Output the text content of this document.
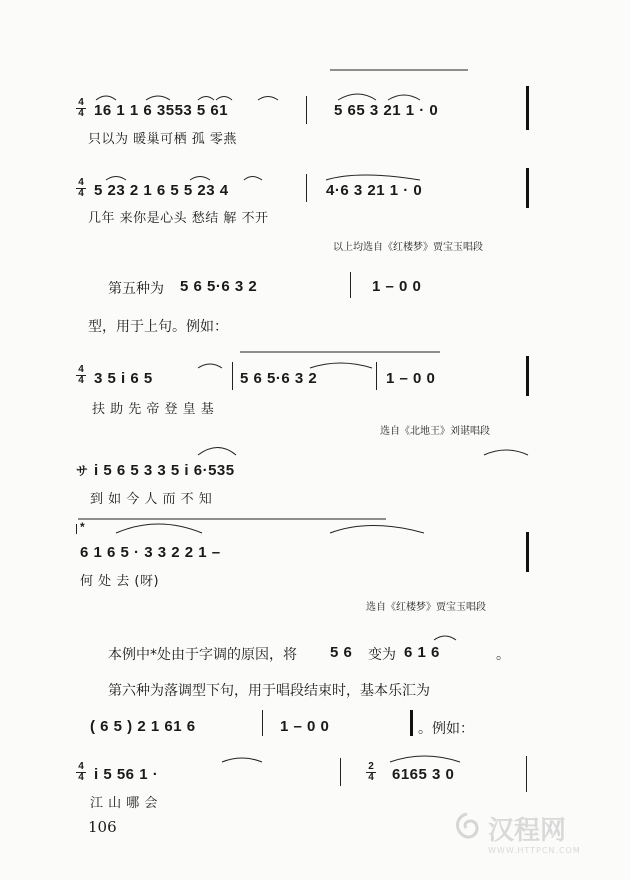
4
4 16 1 1 6 3553 5 61	5 65 3 21 1 · 0
只以为 暖巢可栖 孤 零燕
4
4 5 23 2 1 6 5 5 23 4	4·6 3 21 1 · 0
几年 来你是心头 愁结 解 不开
以上均选自《红楼梦》贾宝玉唱段
第五种为 5 6 5·6 3 2	1 – 0 0
型，用于上句。例如：
4
4 3 5 i 6 5	5 6 5·6 3 2	1 – 0 0
扶 助 先 帝 登 皇 基
选自《北地王》刘谌唱段
サ i 5 6 5 3 3 5 i 6·535
到 如 今 人 而 不 知
*
6 1 6 5 · 3 3 2 2 1 –
何 处 去 (呀)
选自《红楼梦》贾宝玉唱段
本例中*处由于字调的原因，将 5 6 变为 6 1 6	。
第六种为落调型下句，用于唱段结束时，基本乐汇为
( 6 5 ) 2 1 61 6	1 – 0 0	。例如：
4
4 i 5 56 1 ·	2
4 6165 3 0
江 山 哪 会
106	汉程网
WWW.HTTPCN.COM
